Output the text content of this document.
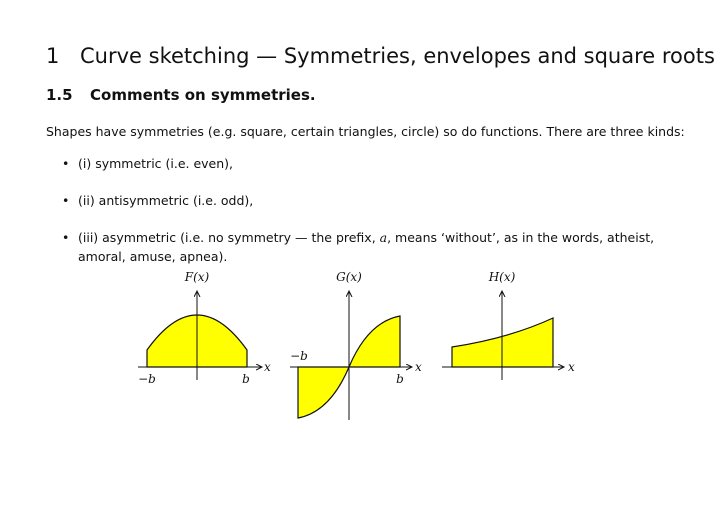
1 Curve sketching — Symmetries, envelopes and square roots
1.5 Comments on symmetries.
Shapes have symmetries (e.g. square, certain triangles, circle) so do functions. There are three kinds:
• (i) symmetric (i.e. even),
• (ii) antisymmetric (i.e. odd),
• (iii) asymmetric (i.e. no symmetry — the prefix, a, means ‘without’, as in the words, atheist, amoral, amuse, apnea).
F(x)
x
−b	b
G(x)
x
−b
b
H(x)
x
